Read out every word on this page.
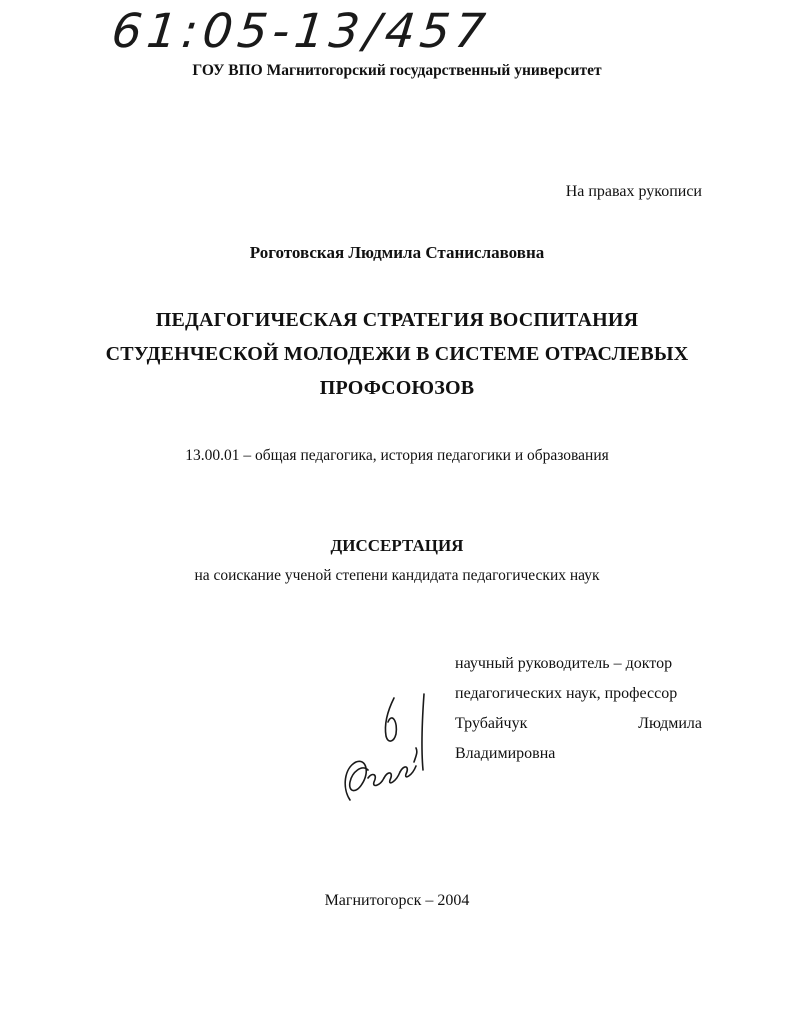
61:05-13/457
ГОУ ВПО Магнитогорский государственный университет
На правах рукописи
Роготовская Людмила Станиславовна
ПЕДАГОГИЧЕСКАЯ СТРАТЕГИЯ ВОСПИТАНИЯ
СТУДЕНЧЕСКОЙ МОЛОДЕЖИ В СИСТЕМЕ ОТРАСЛЕВЫХ
ПРОФСОЮЗОВ
13.00.01 – общая педагогика, история педагогики и образования
ДИССЕРТАЦИЯ
на соискание ученой степени кандидата педагогических наук
научный руководитель – доктор
педагогических наук, профессор
Трубайчук	Людмила
Владимировна
Магнитогорск – 2004
